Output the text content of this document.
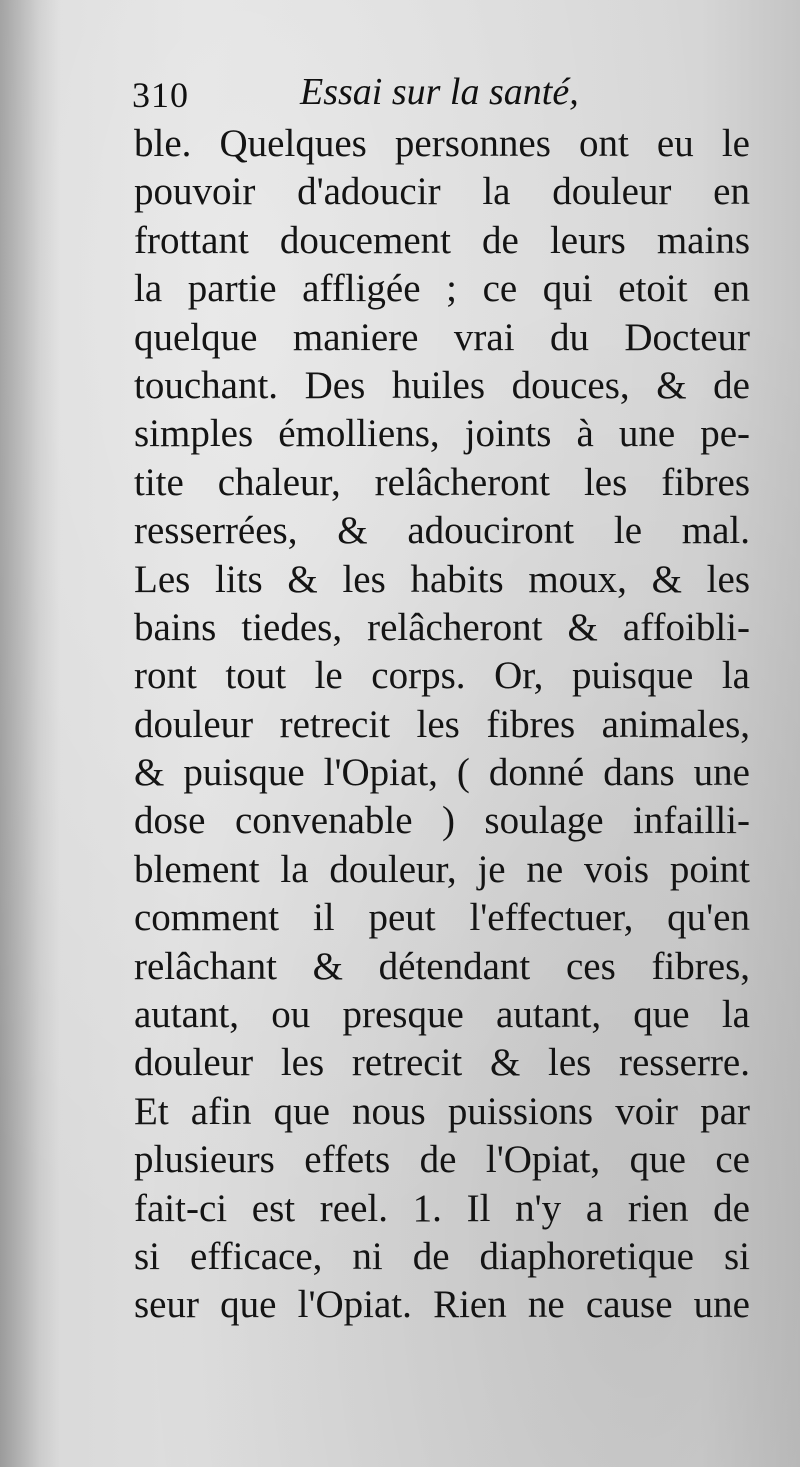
310	Essai sur la santé,
ble. Quelques personnes ont eu le
pouvoir d'adoucir la douleur en
frottant doucement de leurs mains
la partie affligée ; ce qui etoit en
quelque maniere vrai du Docteur
touchant. Des huiles douces, & de
simples émolliens, joints à une pe-
tite chaleur, relâcheront les fibres
resserrées, & adouciront le mal.
Les lits & les habits moux, & les
bains tiedes, relâcheront & affoibli-
ront tout le corps. Or, puisque la
douleur retrecit les fibres animales,
& puisque l'Opiat, ( donné dans une
dose convenable ) soulage infailli-
blement la douleur, je ne vois point
comment il peut l'effectuer, qu'en
relâchant & détendant ces fibres,
autant, ou presque autant, que la
douleur les retrecit & les resserre.
Et afin que nous puissions voir par
plusieurs effets de l'Opiat, que ce
fait-ci est reel. 1. Il n'y a rien de
si efficace, ni de diaphoretique si
seur que l'Opiat. Rien ne cause une
